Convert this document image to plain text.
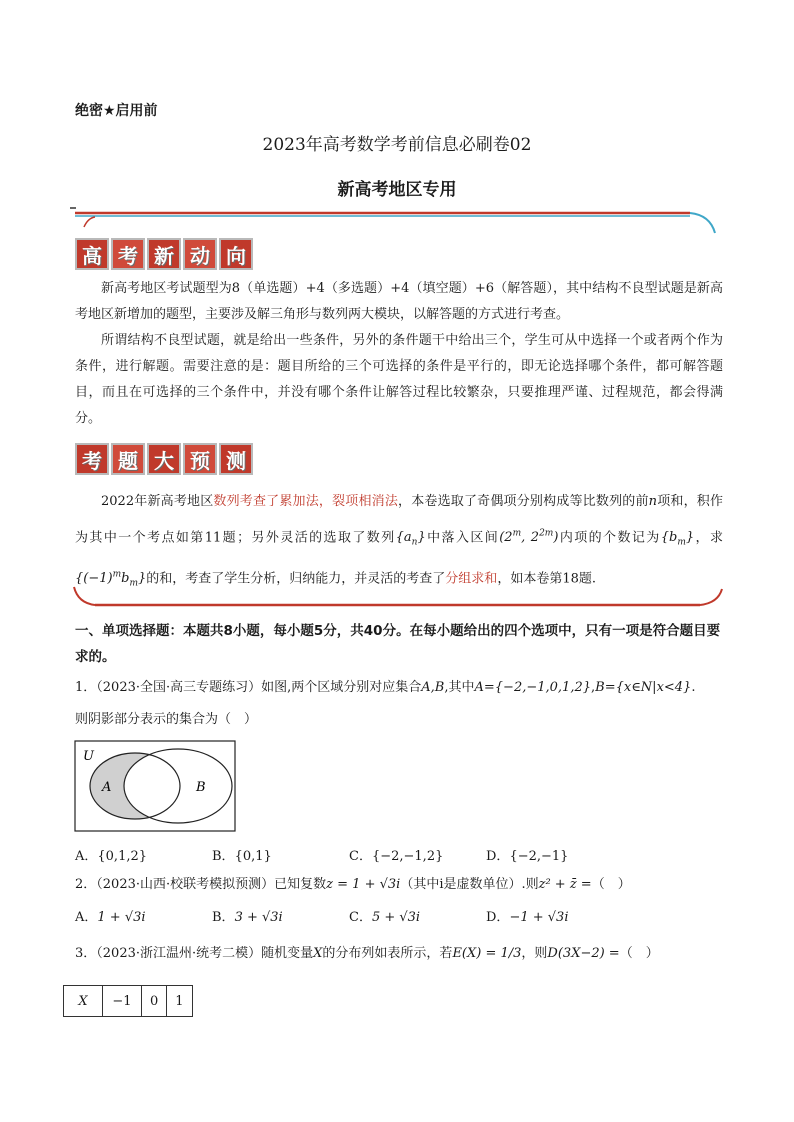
绝密★启用前
2023年高考数学考前信息必刷卷02
新高考地区专用
高 考 新 动 向

新高考地区考试题型为8（单选题）+4（多选题）+4（填空题）+6（解答题），其中结构不良型试题是新高考地区新增加的题型，主要涉及解三角形与数列两大模块，以解答题的方式进行考查。

所谓结构不良型试题，就是给出一些条件，另外的条件题干中给出三个，学生可从中选择一个或者两个作为条件，进行解题。需要注意的是：题目所给的三个可选择的条件是平行的，即无论选择哪个条件，都可解答题目，而且在可选择的三个条件中，并没有哪个条件让解答过程比较繁杂，只要推理严谨、过程规范，都会得满分。

考 题 大 预 测

2022年新高考地区数列考查了累加法，裂项相消法，本卷选取了奇偶项分别构成等比数列的前n项和，积作为其中一个考点如第11题；另外灵活的选取了数列$\{a_n\}$中落入区间(2$^m$, $2^{2m}$)内项的个数记为$\{b_m\}$，求$\{(-1)^mb_m\}$的和，考查了学生分析，归纳能力，并灵活的考查了分组求和，如本卷第18题.

一、单项选择题：本题共8小题，每小题5分，共40分。在每小题给出的四个选项中，只有一项是符合题目要求的。
1．（2023·全国·高三专题练习）如图,两个区域分别对应集合A,B,其中A={−2,−1,0,1,2},B={x∈N|x<4}.
则阴影部分表示的集合为（　）
U
A	B
A．{0,1,2}	B．{0,1}	C．{−2,−1,2}	D．{−2,−1}
2．（2023·山西·校联考模拟预测）已知复数z = 1 + √3i（其中i是虚数单位）.则z² + z̄ =（　）
A．1 + √3i	B．3 + √3i	C．5 + √3i	D．−1 + √3i
3．（2023·浙江温州·统考二模）随机变量X的分布列如表所示，若E(X) = 1/3，则D(3X−2) =（　）
X	−1	0	1
